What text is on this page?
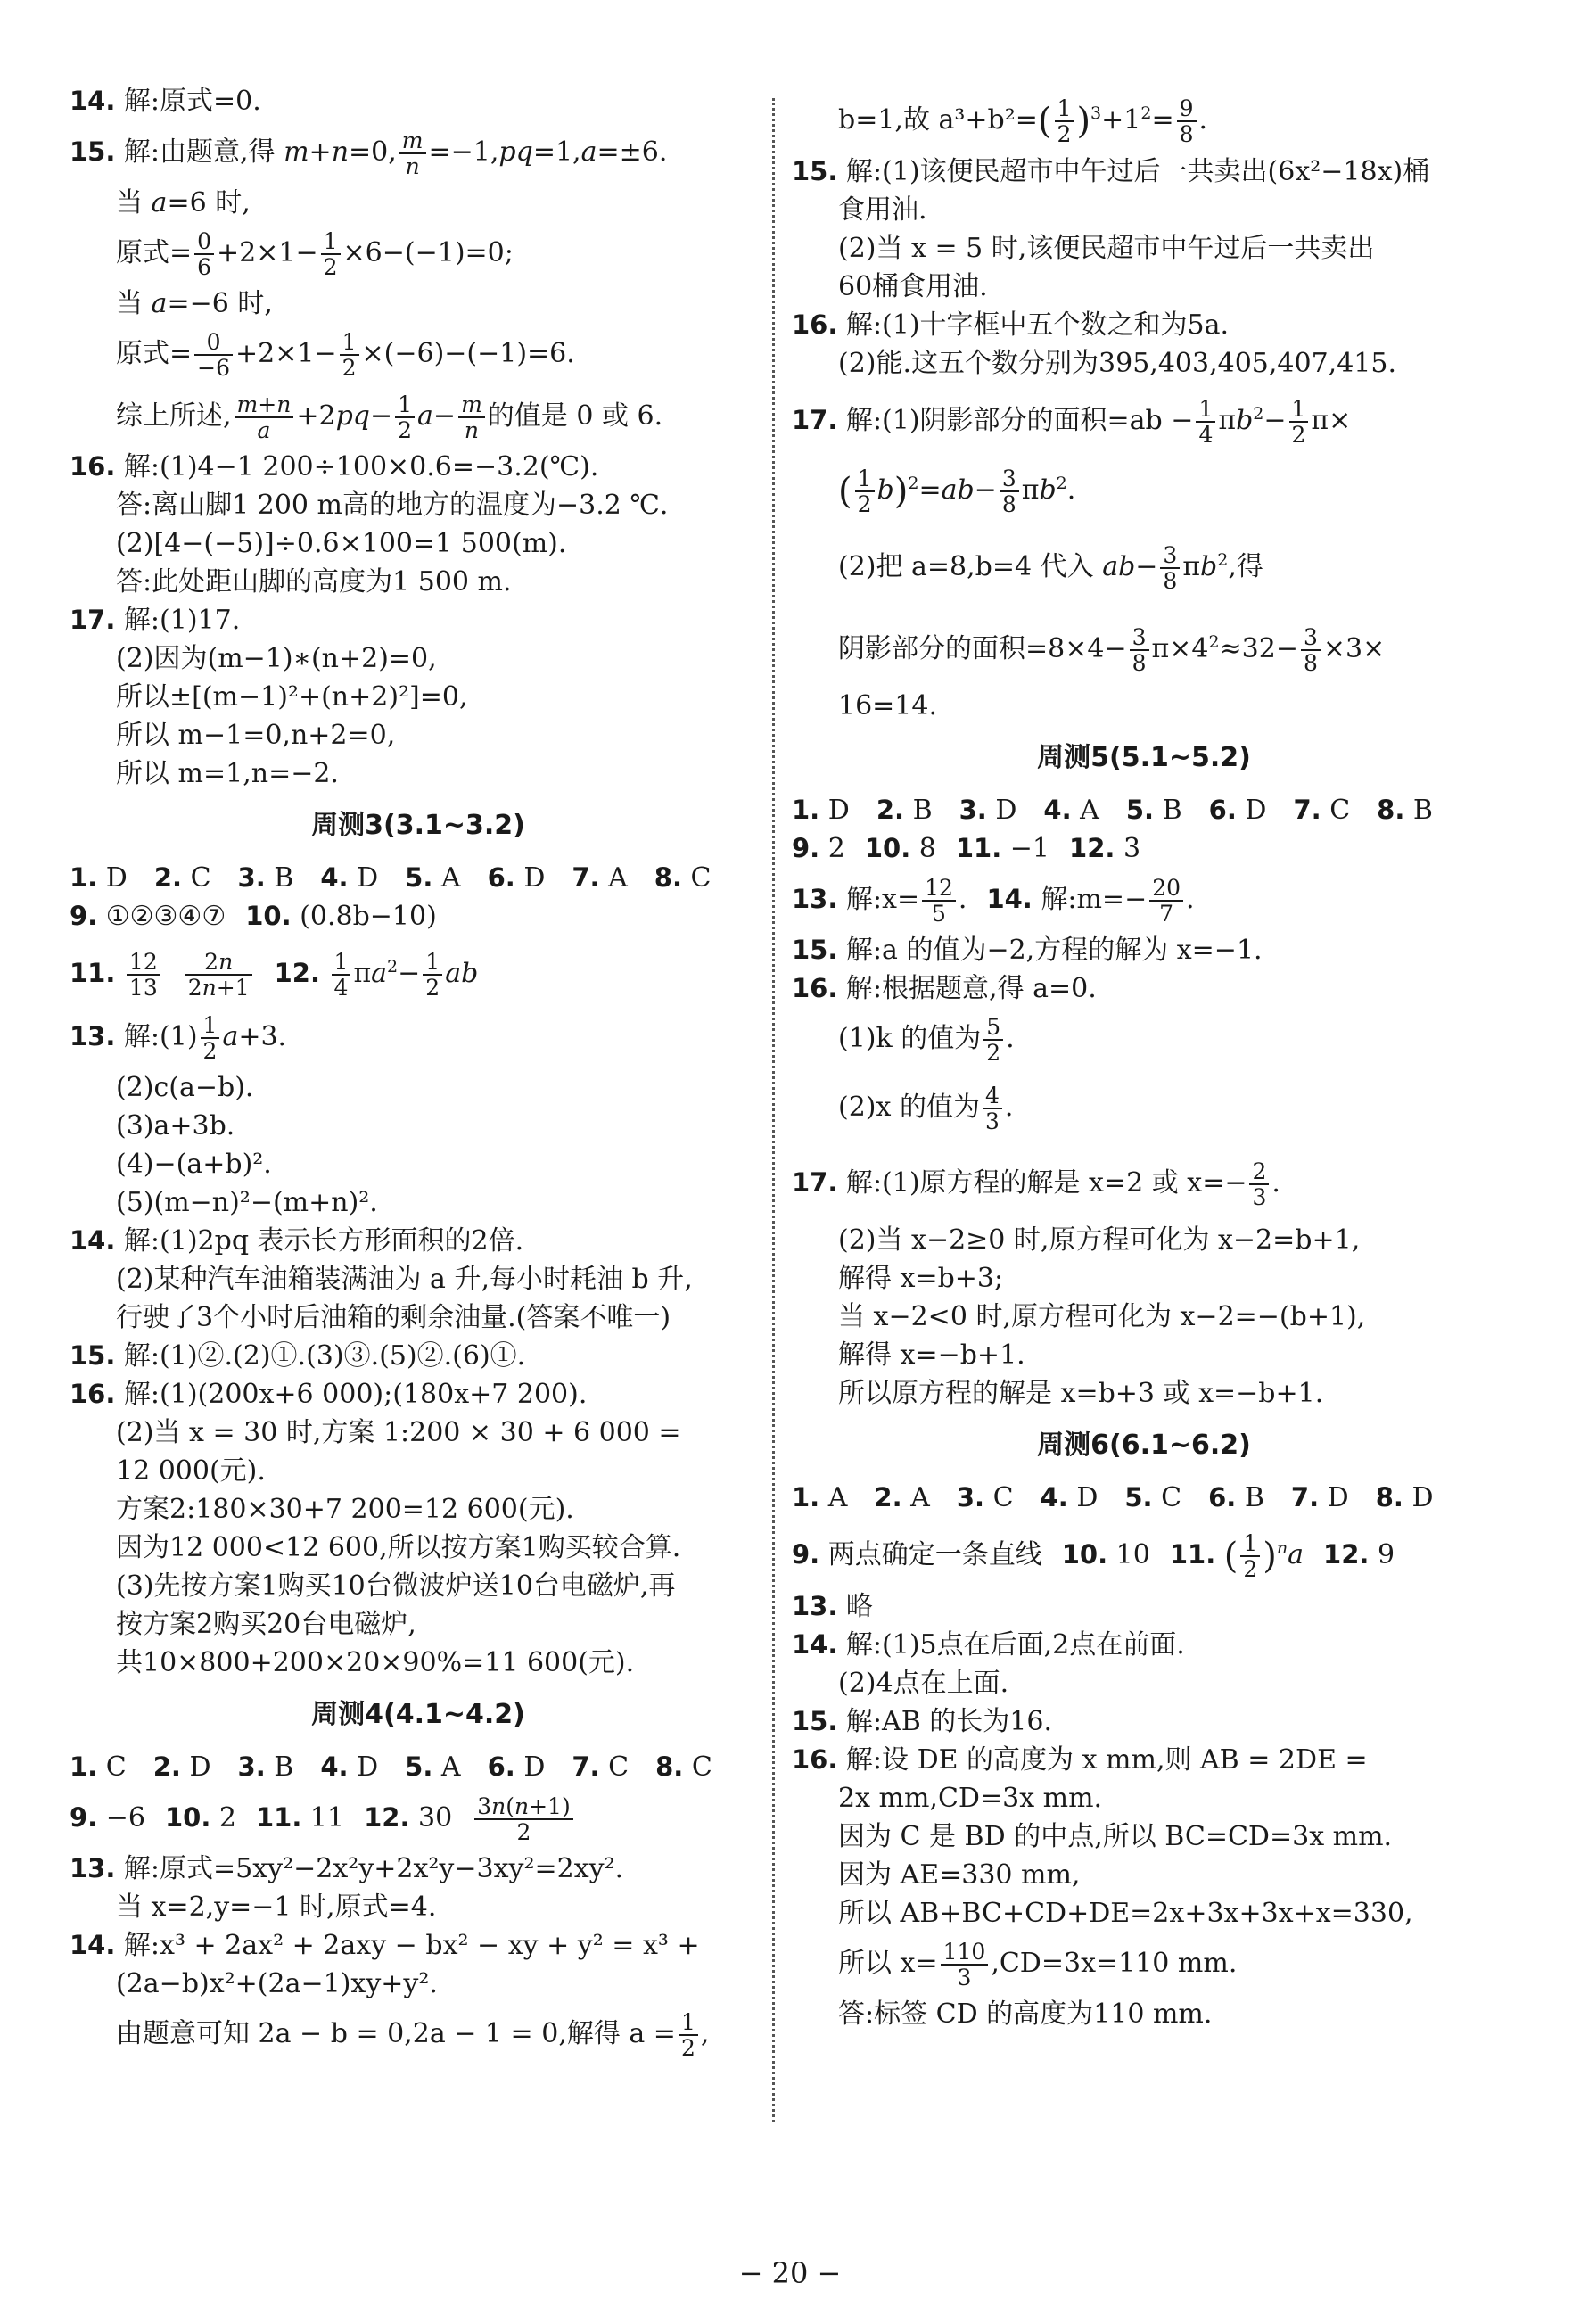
14. 解:原式=0.
15. 解:由题意,得 m+n=0, $\frac{m}{n} =-1,pq=1,a=\pm 6$.
当 a=6 时,
原式= $\frac{0}{6} +2\times 1- \frac{1}{2} \times 6-(-1)=0$;
当 a=−6 时,
原式= $\frac{0}{-6} +2\times 1- \frac{1}{2} \times(-6)-(-1)=6$.
综上所述, $\frac{m+n}{a} +2pq- \frac{1}{2} a- \frac{m}{n}$ 的值是 0 或 6.
16. 解:(1)4−1 200÷100×0.6=−3.2(℃).
答:离山脚1 200 m高的地方的温度为−3.2 ℃.
(2)[4−(−5)]÷0.6×100=1 500(m).
答:此处距山脚的高度为1 500 m.
17. 解:(1)17.
(2)因为(m−1)∗(n+2)=0,
所以±[(m−1)²+(n+2)²]=0,
所以 m−1=0,n+2=0,
所以 m=1,n=−2.
周测3(3.1~3.2)
1. D  2. C  3. B  4. D  5. A  6. D  7. A  8. C 
9. ①②③④⑦ 10. (0.8b−10)
11. $\frac{12}{13} \frac{2n}{2n+1} 12$. $\frac{1}{4} \pi a^2- \frac{1}{2}$ ab
13. 解:(1) $\frac{1}{2} a+3$.
(2)c(a−b).
(3)a+3b.
(4)−(a+b)².
(5)(m−n)²−(m+n)².
14. 解:(1)2pq 表示长方形面积的2倍.
(2)某种汽车油箱装满油为 a 升,每小时耗油 b 升,
行驶了3个小时后油箱的剩余油量.(答案不唯一)
15. 解:(1)②.(2)①.(3)③.(5)②.(6)①.
16. 解:(1)(200x+6 000);(180x+7 200).
(2)当 x = 30 时,方案 1:200 × 30 + 6 000 =
12 000(元).
方案2:180×30+7 200=12 600(元).
因为12 000<12 600,所以按方案1购买较合算.
(3)先按方案1购买10台微波炉送10台电磁炉,再
按方案2购买20台电磁炉,
共10×800+200×20×90%=11 600(元).
周测4(4.1~4.2)
1. C  2. D  3. B  4. D  5. A  6. D  7. C  8. C 
9. −6 10. 2 11. 11 12. $30 \frac{3n(n+1)}{2}$
13. 解:原式=5xy²−2x²y+2x²y−3xy²=2xy².
当 x=2,y=−1 时,原式=4.
14. 解:x³ + 2ax² + 2axy − bx² − xy + y² = x³ +
(2a−b)x²+(2a−1)xy+y².
由题意可知 2a − b = 0,2a − 1 = 0,解得 $a = \frac{1}{2}$ ,
b=1,故 $a^3+b^2=( \frac{1}{2} )^3+1^2= \frac{9}{8}$ .
15. 解:(1)该便民超市中午过后一共卖出(6x²−18x)桶
食用油.
(2)当 x = 5 时,该便民超市中午过后一共卖出
60桶食用油.
16. 解:(1)十字框中五个数之和为5a.
(2)能.这五个数分别为395,403,405,407,415.
17. 解:(1)阴影部分的面积$=ab - \frac{1}{4} \pi b^2- \frac{1}{2} \pi\times$
( $\frac{1}{2} b)^2=ab- \frac{3}{8} \pi b^2$.
(2)把 a=8,b=4 代入 $ab- \frac{3}{8} \pi b^2$,得
阴影部分的面积$=8\times 4- \frac{3}{8} \pi\times 4^2\approx 32- \frac{3}{8} \times 3\times$
16=14.
周测5(5.1~5.2)
1. D  2. B  3. D  4. A  5. B  6. D  7. C  8. B 
9. 2 10. 8 11. −1 12. 3
13. 解:x= $\frac{12}{5}$ . 14. 解:m=− $\frac{20}{7}$ .
15. 解:a 的值为−2,方程的解为 x=−1.
16. 解:根据题意,得 a=0.
(1)k 的值为 $\frac{5}{2}$ .
(2)x 的值为 $\frac{4}{3}$ .
17. 解:(1)原方程的解是 x=2 或 $x=- \frac{2}{3}$ .
(2)当 x−2≥0 时,原方程可化为 x−2=b+1,
解得 x=b+3;
当 x−2<0 时,原方程可化为 x−2=−(b+1),
解得 x=−b+1.
所以原方程的解是 x=b+3 或 x=−b+1.
周测6(6.1~6.2)
1. A  2. A  3. C  4. D  5. C  6. B  7. D  8. D 
9. 两点确定一条直线 10. 10 11. ( $\frac{1}{2} )^na$ 12. 9
13. 略
14. 解:(1)5点在后面,2点在前面.
(2)4点在上面.
15. 解:AB 的长为16.
16. 解:设 DE 的高度为 x mm,则 AB = 2DE =
2x mm,CD=3x mm.
因为 C 是 BD 的中点,所以 BC=CD=3x mm.
因为 AE=330 mm,
所以 AB+BC+CD+DE=2x+3x+3x+x=330,
所以 $x= \frac{110}{3} ,CD=3x=110$ mm.
答:标签 CD 的高度为110 mm.
− 20 −
